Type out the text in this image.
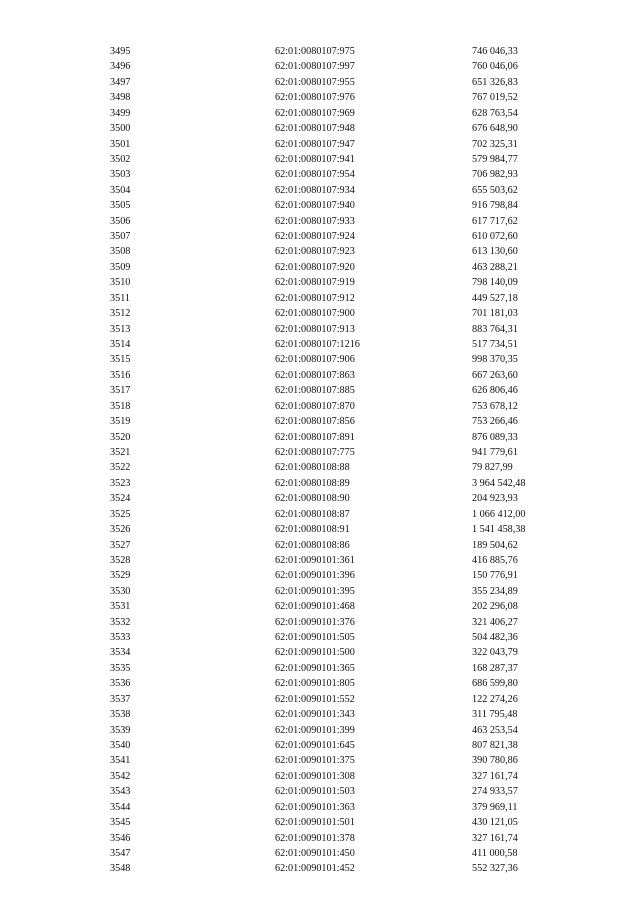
3495	62:01:0080107:975	746 046,33
3496	62:01:0080107:997	760 046,06
3497	62:01:0080107:955	651 326,83
3498	62:01:0080107:976	767 019,52
3499	62:01:0080107:969	628 763,54
3500	62:01:0080107:948	676 648,90
3501	62:01:0080107:947	702 325,31
3502	62:01:0080107:941	579 984,77
3503	62:01:0080107:954	706 982,93
3504	62:01:0080107:934	655 503,62
3505	62:01:0080107:940	916 798,84
3506	62:01:0080107:933	617 717,62
3507	62:01:0080107:924	610 072,60
3508	62:01:0080107:923	613 130,60
3509	62:01:0080107:920	463 288,21
3510	62:01:0080107:919	798 140,09
3511	62:01:0080107:912	449 527,18
3512	62:01:0080107:900	701 181,03
3513	62:01:0080107:913	883 764,31
3514	62:01:0080107:1216	517 734,51
3515	62:01:0080107:906	998 370,35
3516	62:01:0080107:863	667 263,60
3517	62:01:0080107:885	626 806,46
3518	62:01:0080107:870	753 678,12
3519	62:01:0080107:856	753 266,46
3520	62:01:0080107:891	876 089,33
3521	62:01:0080107:775	941 779,61
3522	62:01:0080108:88	79 827,99
3523	62:01:0080108:89	3 964 542,48
3524	62:01:0080108:90	204 923,93
3525	62:01:0080108:87	1 066 412,00
3526	62:01:0080108:91	1 541 458,38
3527	62:01:0080108:86	189 504,62
3528	62:01:0090101:361	416 885,76
3529	62:01:0090101:396	150 776,91
3530	62:01:0090101:395	355 234,89
3531	62:01:0090101:468	202 296,08
3532	62:01:0090101:376	321 406,27
3533	62:01:0090101:505	504 482,36
3534	62:01:0090101:500	322 043,79
3535	62:01:0090101:365	168 287,37
3536	62:01:0090101:805	686 599,80
3537	62:01:0090101:552	122 274,26
3538	62:01:0090101:343	311 795,48
3539	62:01:0090101:399	463 253,54
3540	62:01:0090101:645	807 821,38
3541	62:01:0090101:375	390 780,86
3542	62:01:0090101:308	327 161,74
3543	62:01:0090101:503	274 933,57
3544	62:01:0090101:363	379 969,11
3545	62:01:0090101:501	430 121,05
3546	62:01:0090101:378	327 161,74
3547	62:01:0090101:450	411 000,58
3548	62:01:0090101:452	552 327,36
